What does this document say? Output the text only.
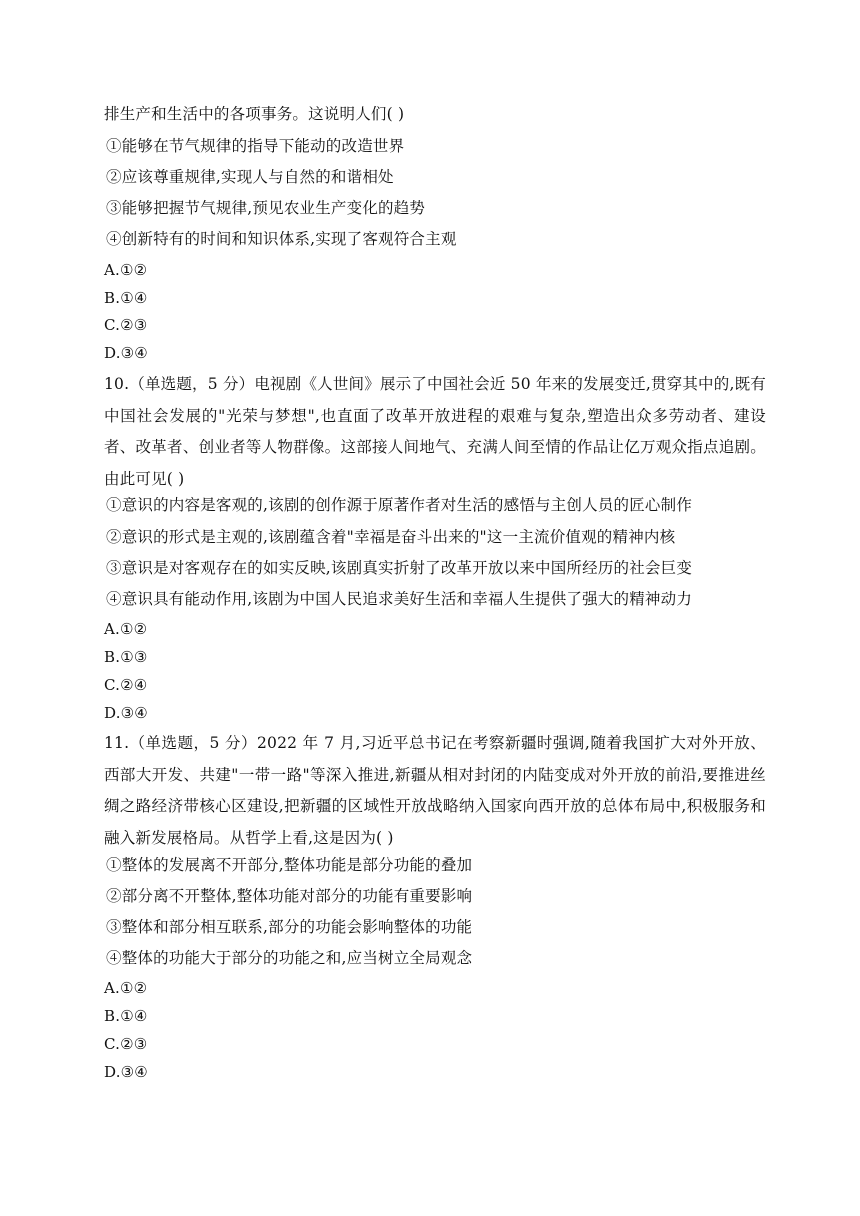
排生产和生活中的各项事务。这说明人们( )
①能够在节气规律的指导下能动的改造世界
②应该尊重规律,实现人与自然的和谐相处
③能够把握节气规律,预见农业生产变化的趋势
④创新特有的时间和知识体系,实现了客观符合主观
A.①②
B.①④
C.②③
D.③④
10.（单选题，5 分）电视剧《人世间》展示了中国社会近 50 年来的发展变迁,贯穿其中的,既有中国社会发展的"光荣与梦想",也直面了改革开放进程的艰难与复杂,塑造出众多劳动者、建设者、改革者、创业者等人物群像。这部接人间地气、充满人间至情的作品让亿万观众指点追剧。由此可见( )
①意识的内容是客观的,该剧的创作源于原著作者对生活的感悟与主创人员的匠心制作
②意识的形式是主观的,该剧蕴含着"幸福是奋斗出来的"这一主流价值观的精神内核
③意识是对客观存在的如实反映,该剧真实折射了改革开放以来中国所经历的社会巨变
④意识具有能动作用,该剧为中国人民追求美好生活和幸福人生提供了强大的精神动力
A.①②
B.①③
C.②④
D.③④
11.（单选题，5 分）2022 年 7 月,习近平总书记在考察新疆时强调,随着我国扩大对外开放、西部大开发、共建"一带一路"等深入推进,新疆从相对封闭的内陆变成对外开放的前沿,要推进丝绸之路经济带核心区建设,把新疆的区域性开放战略纳入国家向西开放的总体布局中,积极服务和融入新发展格局。从哲学上看,这是因为( )
①整体的发展离不开部分,整体功能是部分功能的叠加
②部分离不开整体,整体功能对部分的功能有重要影响
③整体和部分相互联系,部分的功能会影响整体的功能
④整体的功能大于部分的功能之和,应当树立全局观念
A.①②
B.①④
C.②③
D.③④
